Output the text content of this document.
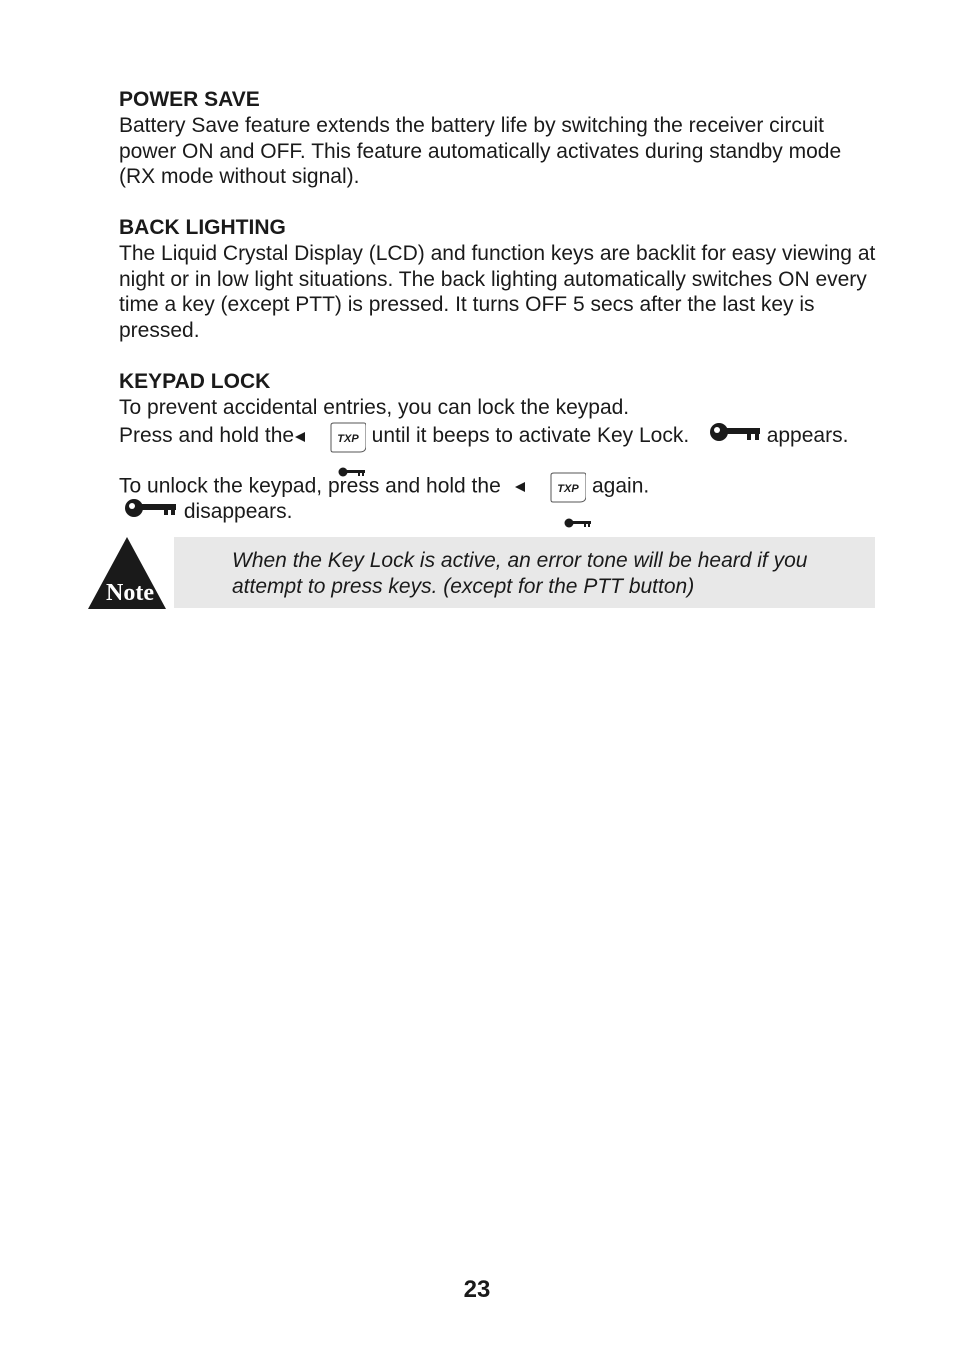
POWER SAVE
Battery Save feature extends the battery life by switching the receiver circuit power ON and OFF. This feature automatically activates during standby mode (RX mode without signal).
BACK LIGHTING
The Liquid Crystal Display (LCD) and function keys are backlit for easy viewing at night or in low light situations. The back lighting automatically switches ON every time a key (except PTT) is pressed. It turns OFF 5 secs after the last key is pressed.
KEYPAD LOCK
To prevent accidental entries, you can lock the keypad.
Press and hold the	TXP until it beeps to activate Key Lock.	appears.
To unlock the keypad, press and hold the	TXP again.
disappears.
Note
When the Key Lock is active, an error tone will be heard if you attempt to press keys. (except for the PTT button)
23
